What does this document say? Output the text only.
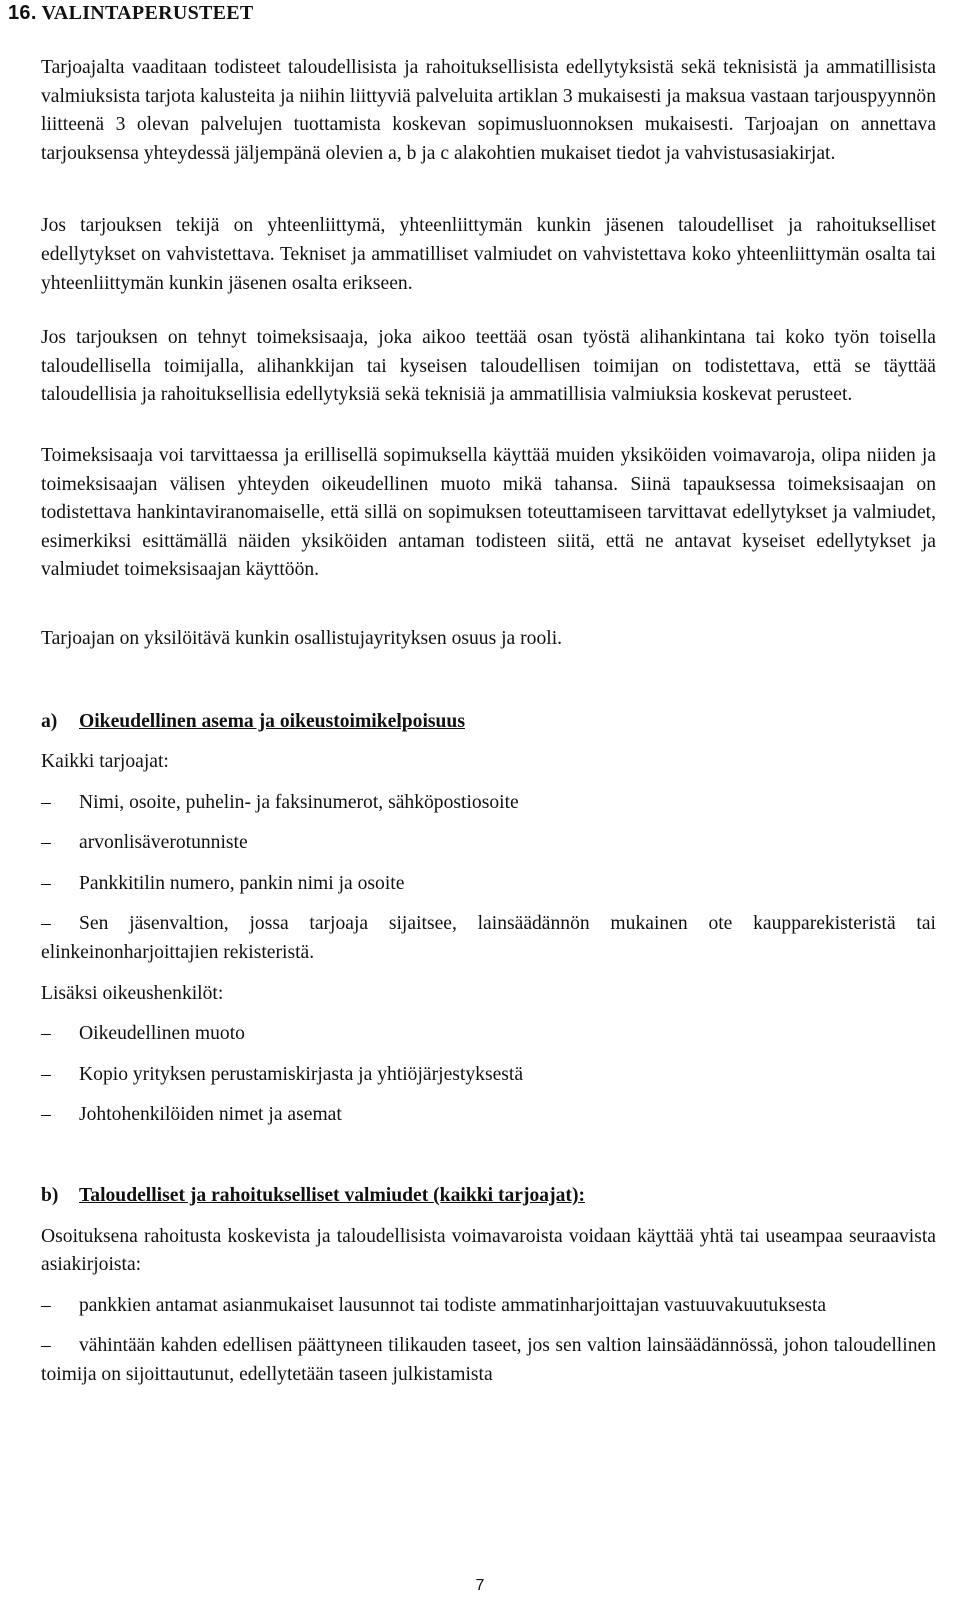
16. VALINTAPERUSTEET

Tarjoajalta vaaditaan todisteet taloudellisista ja rahoituksellisista edellytyksistä sekä teknisistä ja ammatillisista valmiuksista tarjota kalusteita ja niihin liittyviä palveluita artiklan 3 mukaisesti ja maksua vastaan tarjouspyynnön liitteenä 3 olevan palvelujen tuottamista koskevan sopimusluonnoksen mukaisesti. Tarjoajan on annettava tarjouksensa yhteydessä jäljempänä olevien a, b ja c alakohtien mukaiset tiedot ja vahvistusasiakirjat.

Jos tarjouksen tekijä on yhteenliittymä, yhteenliittymän kunkin jäsenen taloudelliset ja rahoitukselliset edellytykset on vahvistettava. Tekniset ja ammatilliset valmiudet on vahvistettava koko yhteenliittymän osalta tai yhteenliittymän kunkin jäsenen osalta erikseen.

Jos tarjouksen on tehnyt toimeksisaaja, joka aikoo teettää osan työstä alihankintana tai koko työn toisella taloudellisella toimijalla, alihankkijan tai kyseisen taloudellisen toimijan on todistettava, että se täyttää taloudellisia ja rahoituksellisia edellytyksiä sekä teknisiä ja ammatillisia valmiuksia koskevat perusteet.

Toimeksisaaja voi tarvittaessa ja erillisellä sopimuksella käyttää muiden yksiköiden voimavaroja, olipa niiden ja toimeksisaajan välisen yhteyden oikeudellinen muoto mikä tahansa. Siinä tapauksessa toimeksisaajan on todistettava hankintaviranomaiselle, että sillä on sopimuksen toteuttamiseen tarvittavat edellytykset ja valmiudet, esimerkiksi esittämällä näiden yksiköiden antaman todisteen siitä, että ne antavat kyseiset edellytykset ja valmiudet toimeksisaajan käyttöön.

Tarjoajan on yksilöitävä kunkin osallistujayrityksen osuus ja rooli.

a) Oikeudellinen asema ja oikeustoimikelpoisuus

Kaikki tarjoajat:

– Nimi, osoite, puhelin- ja faksinumerot, sähköpostiosoite

– arvonlisäverotunniste

– Pankkitilin numero, pankin nimi ja osoite

– Sen jäsenvaltion, jossa tarjoaja sijaitsee, lainsäädännön mukainen ote kaupparekisteristä tai elinkeinonharjoittajien rekisteristä.

Lisäksi oikeushenkilöt:

– Oikeudellinen muoto

– Kopio yrityksen perustamiskirjasta ja yhtiöjärjestyksestä

– Johtohenkilöiden nimet ja asemat

b) Taloudelliset ja rahoitukselliset valmiudet (kaikki tarjoajat):

Osoituksena rahoitusta koskevista ja taloudellisista voimavaroista voidaan käyttää yhtä tai useampaa seuraavista asiakirjoista:

– pankkien antamat asianmukaiset lausunnot tai todiste ammatinharjoittajan vastuuvakuutuksesta

– vähintään kahden edellisen päättyneen tilikauden taseet, jos sen valtion lainsäädännössä, johon taloudellinen toimija on sijoittautunut, edellytetään taseen julkistamista

7
